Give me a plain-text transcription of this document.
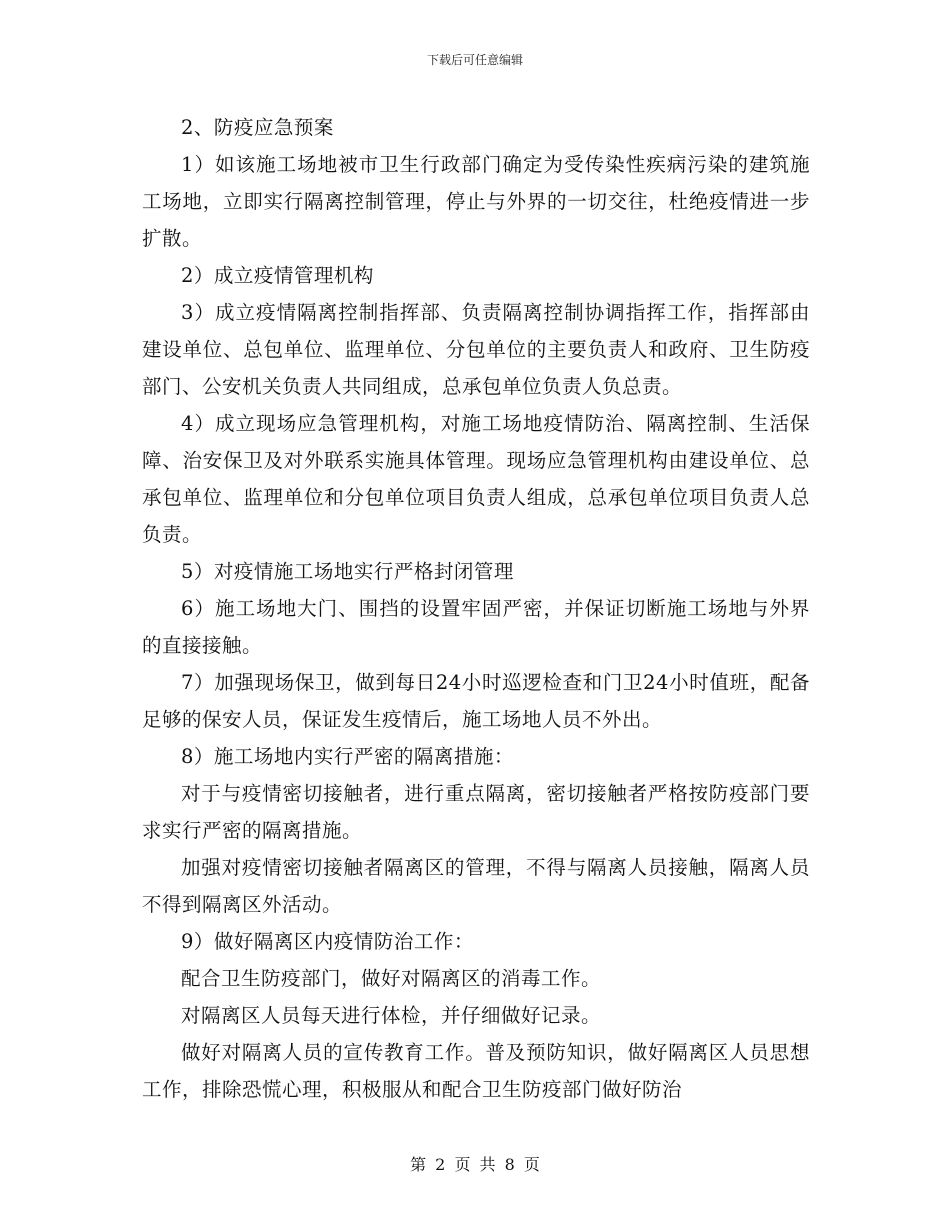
下载后可任意编辑

2、防疫应急预案

1）如该施工场地被市卫生行政部门确定为受传染性疾病污染的建筑施工场地，立即实行隔离控制管理，停止与外界的一切交往，杜绝疫情进一步扩散。

2）成立疫情管理机构

3）成立疫情隔离控制指挥部、负责隔离控制协调指挥工作，指挥部由建设单位、总包单位、监理单位、分包单位的主要负责人和政府、卫生防疫部门、公安机关负责人共同组成，总承包单位负责人负总责。

4）成立现场应急管理机构，对施工场地疫情防治、隔离控制、生活保障、治安保卫及对外联系实施具体管理。现场应急管理机构由建设单位、总承包单位、监理单位和分包单位项目负责人组成，总承包单位项目负责人总负责。

5）对疫情施工场地实行严格封闭管理

6）施工场地大门、围挡的设置牢固严密，并保证切断施工场地与外界的直接接触。

7）加强现场保卫，做到每日24小时巡逻检查和门卫24小时值班，配备足够的保安人员，保证发生疫情后，施工场地人员不外出。

8）施工场地内实行严密的隔离措施：

对于与疫情密切接触者，进行重点隔离，密切接触者严格按防疫部门要求实行严密的隔离措施。

加强对疫情密切接触者隔离区的管理，不得与隔离人员接触，隔离人员不得到隔离区外活动。

9）做好隔离区内疫情防治工作：

配合卫生防疫部门，做好对隔离区的消毒工作。

对隔离区人员每天进行体检，并仔细做好记录。

做好对隔离人员的宣传教育工作。普及预防知识，做好隔离区人员思想工作，排除恐慌心理，积极服从和配合卫生防疫部门做好防治

第 2 页 共 8 页
